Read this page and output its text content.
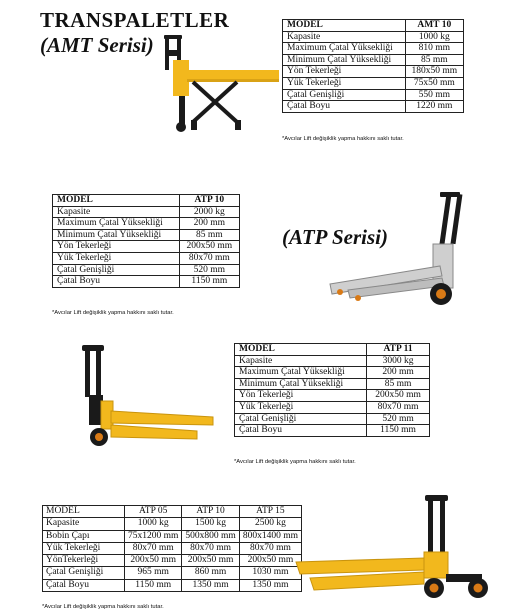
TRANSPALETLER
(AMT Serisi)
(ATP Serisi)
MODEL	AMT 10
Kapasite	1000 kg
Maximum Çatal Yüksekliği	810 mm
Minimum Çatal Yüksekliği	85 mm
Yön Tekerleği	180x50 mm
Yük Tekerleği	75x50 mm
Çatal Genişliği	550 mm
Çatal Boyu	1220 mm
*Avcılar Lift değişiklik yapma hakkını saklı tutar.
MODEL	ATP 10
Kapasite	2000 kg
Maximum Çatal Yüksekliği	200 mm
Minimum Çatal Yüksekliği	85 mm
Yön Tekerleği	200x50 mm
Yük Tekerleği	80x70 mm
Çatal Genişliği	520 mm
Çatal Boyu	1150 mm
*Avcılar Lift değişiklik yapma hakkını saklı tutar.
MODEL	ATP 11
Kapasite	3000 kg
Maximum Çatal Yüksekliği	200 mm
Minimum Çatal Yüksekliği	85 mm
Yön Tekerleği	200x50 mm
Yük Tekerleği	80x70 mm
Çatal Genişliği	520 mm
Çatal Boyu	1150 mm
*Avcılar Lift değişiklik yapma hakkını saklı tutar.
MODEL	ATP 05	ATP 10	ATP 15
Kapasite	1000 kg	1500 kg	2500 kg
Bobin Çapı	75x1200 mm	500x800 mm	800x1400 mm
Yük Tekerleği	80x70 mm	80x70 mm	80x70 mm
YönTekerleği	200x50 mm	200x50 mm	200x50 mm
Çatal Genişliği	965 mm	860 mm	1030 mm
Çatal Boyu	1150 mm	1350 mm	1350 mm
*Avcılar Lift değişiklik yapma hakkını saklı tutar.
